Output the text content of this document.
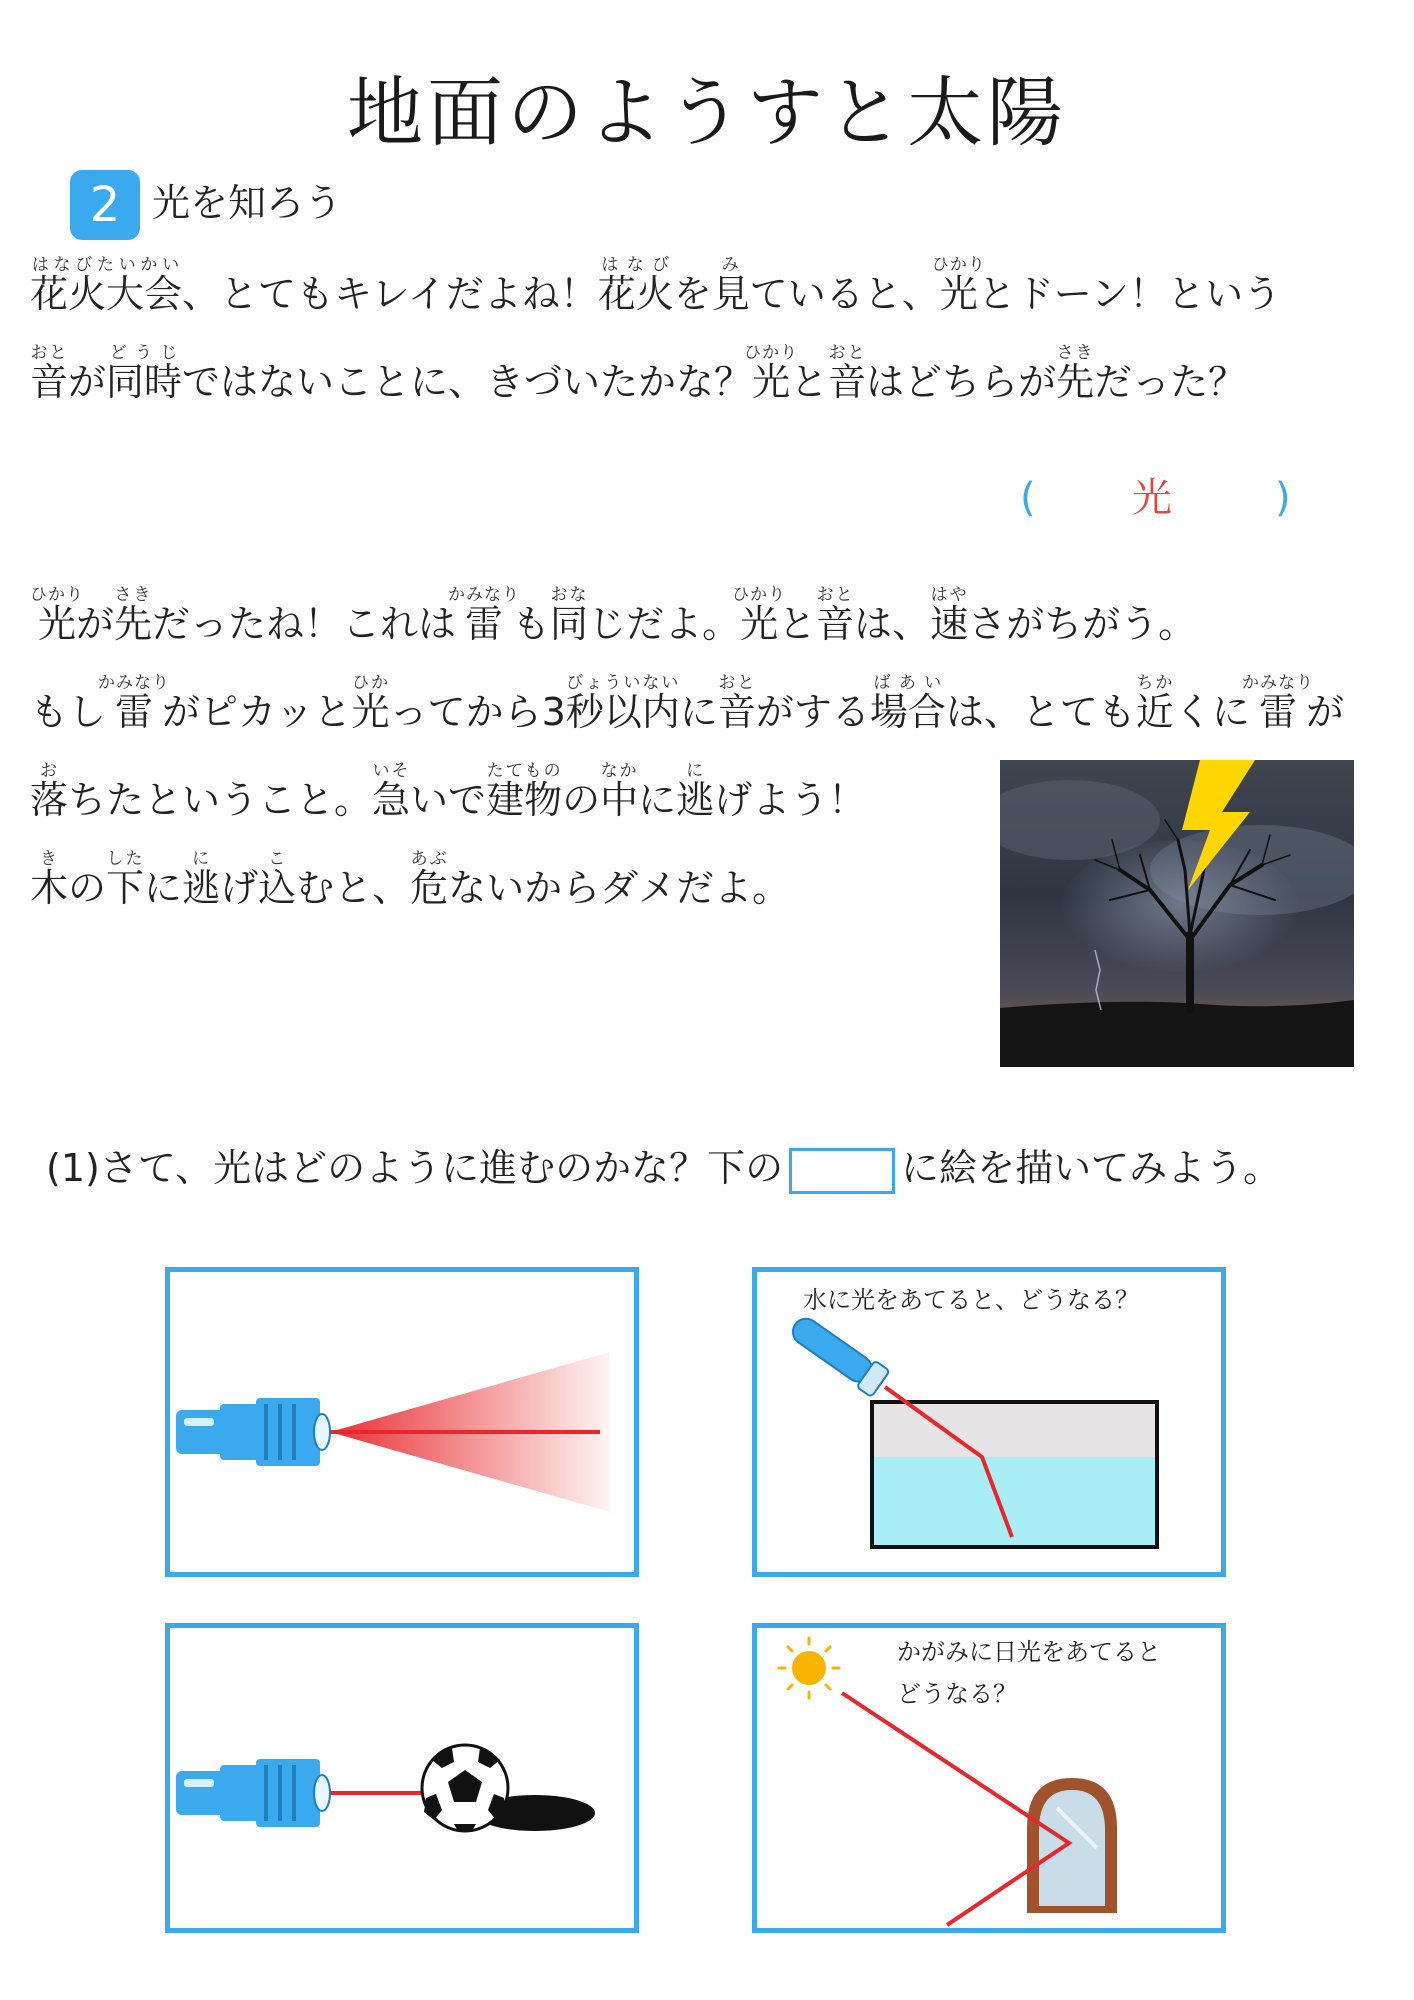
地面のようすと太陽
2 光を知ろう
花火大会はなびたいかい、とてもキレイだよね！花火はなびを見みていると、光ひかりとドーン！という
音おとが同時どうじではないことに、きづいたかな？光ひかりと音おとはどちらが先さきだった？
( 光	)
光ひかりが先さきだったね！これは雷かみなりも同おなじだよ。光ひかりと音おとは、速はやさがちがう。
もし雷かみなりがピカッと光ひかってから3秒以内びょういないに音おとがする場合ばあいは、とても近ちかくに雷かみなりが
落おちたということ。急いそいで建物たてものの中なかに逃にげよう！
木きの下したに逃にげ込こむと、危あぶないからダメだよ。
(1)さて、光はどのように進むのかな？下の	に絵を描いてみよう。
水に光をあてると、どうなる？
かがみに日光をあてると
どうなる？
